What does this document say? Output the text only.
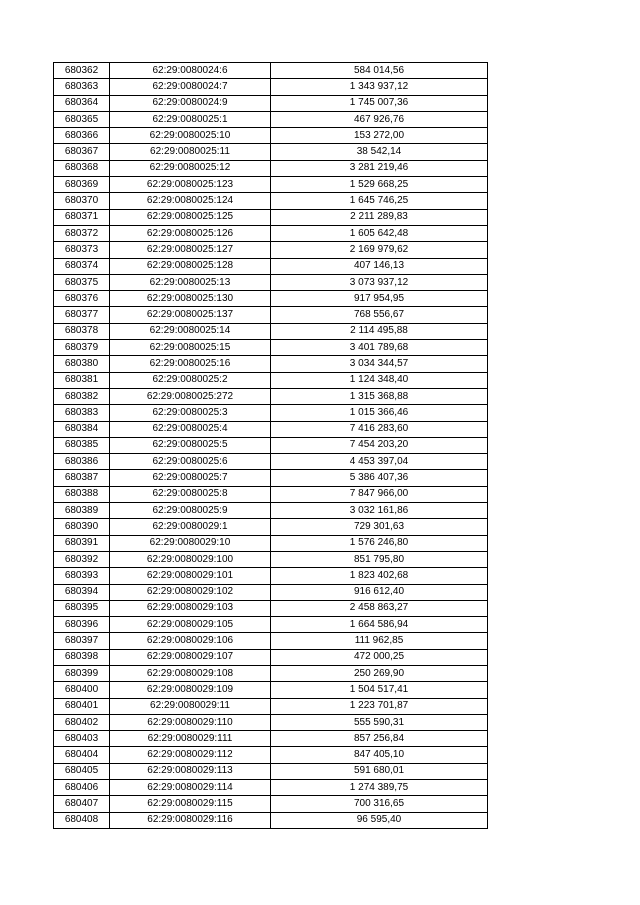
680362	62:29:0080024:6	584 014,56
680363	62:29:0080024:7	1 343 937,12
680364	62:29:0080024:9	1 745 007,36
680365	62:29:0080025:1	467 926,76
680366	62:29:0080025:10	153 272,00
680367	62:29:0080025:11	38 542,14
680368	62:29:0080025:12	3 281 219,46
680369	62:29:0080025:123	1 529 668,25
680370	62:29:0080025:124	1 645 746,25
680371	62:29:0080025:125	2 211 289,83
680372	62:29:0080025:126	1 605 642,48
680373	62:29:0080025:127	2 169 979,62
680374	62:29:0080025:128	407 146,13
680375	62:29:0080025:13	3 073 937,12
680376	62:29:0080025:130	917 954,95
680377	62:29:0080025:137	768 556,67
680378	62:29:0080025:14	2 114 495,88
680379	62:29:0080025:15	3 401 789,68
680380	62:29:0080025:16	3 034 344,57
680381	62:29:0080025:2	1 124 348,40
680382	62:29:0080025:272	1 315 368,88
680383	62:29:0080025:3	1 015 366,46
680384	62:29:0080025:4	7 416 283,60
680385	62:29:0080025:5	7 454 203,20
680386	62:29:0080025:6	4 453 397,04
680387	62:29:0080025:7	5 386 407,36
680388	62:29:0080025:8	7 847 966,00
680389	62:29:0080025:9	3 032 161,86
680390	62:29:0080029:1	729 301,63
680391	62:29:0080029:10	1 576 246,80
680392	62:29:0080029:100	851 795,80
680393	62:29:0080029:101	1 823 402,68
680394	62:29:0080029:102	916 612,40
680395	62:29:0080029:103	2 458 863,27
680396	62:29:0080029:105	1 664 586,94
680397	62:29:0080029:106	111 962,85
680398	62:29:0080029:107	472 000,25
680399	62:29:0080029:108	250 269,90
680400	62:29:0080029:109	1 504 517,41
680401	62:29:0080029:11	1 223 701,87
680402	62:29:0080029:110	555 590,31
680403	62:29:0080029:111	857 256,84
680404	62:29:0080029:112	847 405,10
680405	62:29:0080029:113	591 680,01
680406	62:29:0080029:114	1 274 389,75
680407	62:29:0080029:115	700 316,65
680408	62:29:0080029:116	96 595,40
